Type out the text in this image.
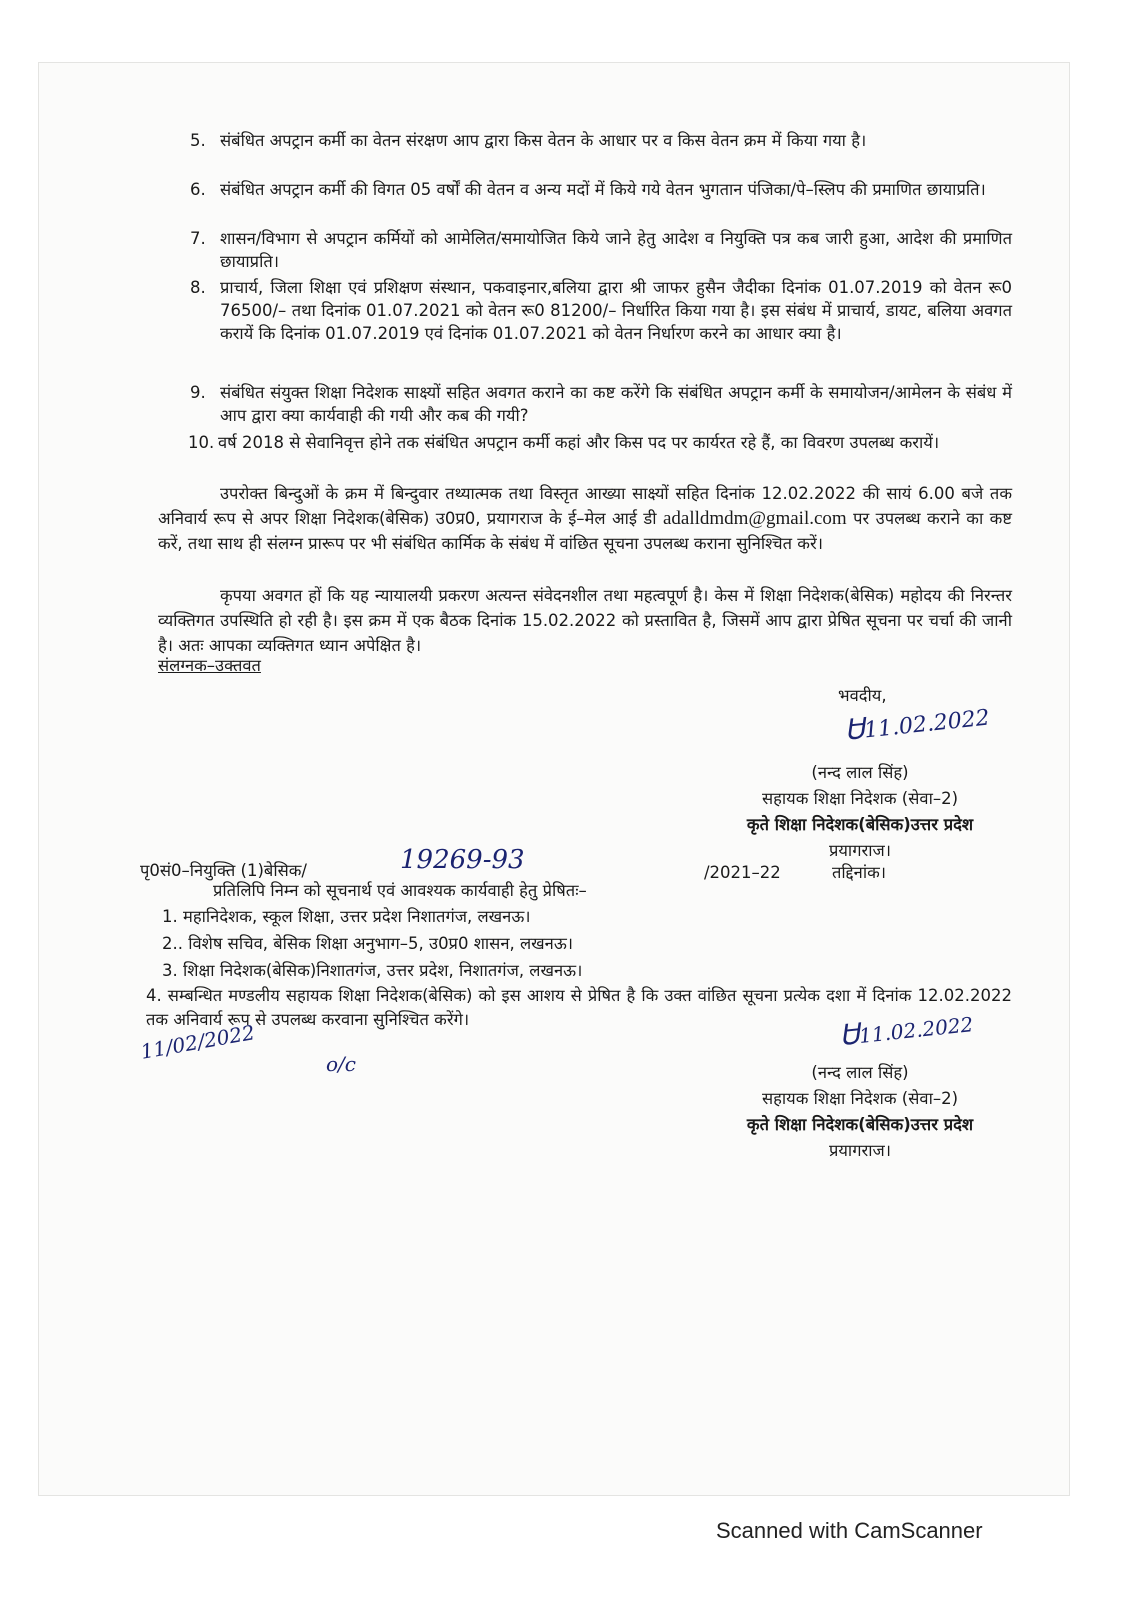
5. संबंधित अपट्रान कर्मी का वेतन संरक्षण आप द्वारा किस वेतन के आधार पर व किस वेतन क्रम में किया गया है।
6. संबंधित अपट्रान कर्मी की विगत 05 वर्षों की वेतन व अन्य मदों में किये गये वेतन भुगतान पंजिका/पे–स्लिप की प्रमाणित छायाप्रति।
7. शासन/विभाग से अपट्रान कर्मियों को आमेलित/समायोजित किये जाने हेतु आदेश व नियुक्ति पत्र कब जारी हुआ, आदेश की प्रमाणित छायाप्रति।
8. प्राचार्य, जिला शिक्षा एवं प्रशिक्षण संस्थान, पकवाइनार,बलिया द्वारा श्री जाफर हुसैन जैदीका दिनांक 01.07.2019 को वेतन रू0 76500/– तथा दिनांक 01.07.2021 को वेतन रू0 81200/– निर्धारित किया गया है। इस संबंध में प्राचार्य, डायट, बलिया अवगत करायें कि दिनांक 01.07.2019 एवं दिनांक 01.07.2021 को वेतन निर्धारण करने का आधार क्या है।
9. संबंधित संयुक्त शिक्षा निदेशक साक्ष्यों सहित अवगत कराने का कष्ट करेंगे कि संबंधित अपट्रान कर्मी के समायोजन/आमेलन के संबंध में आप द्वारा क्या कार्यवाही की गयी और कब की गयी?
10. वर्ष 2018 से सेवानिवृत्त होने तक संबंधित अपट्रान कर्मी कहां और किस पद पर कार्यरत रहे हैं, का विवरण उपलब्ध करायें।
उपरोक्त बिन्दुओं के क्रम में बिन्दुवार तथ्यात्मक तथा विस्तृत आख्या साक्ष्यों सहित दिनांक 12.02.2022 की सायं 6.00 बजे तक अनिवार्य रूप से अपर शिक्षा निदेशक(बेसिक) उ0प्र0, प्रयागराज के ई–मेल आई डी adalldmdm@gmail.com पर उपलब्ध कराने का कष्ट करें, तथा साथ ही संलग्न प्रारूप पर भी संबंधित कार्मिक के संबंध में वांछित सूचना उपलब्ध कराना सुनिश्चित करें।
कृपया अवगत हों कि यह न्यायालयी प्रकरण अत्यन्त संवेदनशील तथा महत्वपूर्ण है। केस में शिक्षा निदेशक(बेसिक) महोदय की निरन्तर व्यक्तिगत उपस्थिति हो रही है। इस क्रम में एक बैठक दिनांक 15.02.2022 को प्रस्तावित है, जिसमें आप द्वारा प्रेषित सूचना पर चर्चा की जानी है। अतः आपका व्यक्तिगत ध्यान अपेक्षित है।
संलग्नक–उक्तवत
भवदीय,
Ꮜ11.02.2022
(नन्द लाल सिंह)
सहायक शिक्षा निदेशक (सेवा–2)
कृते शिक्षा निदेशक(बेसिक)उत्तर प्रदेश
प्रयागराज।
पृ0सं0–नियुक्ति (1)बेसिक/	19269-93	/2021–22	तद्दिनांक।
प्रतिलिपि निम्न को सूचनार्थ एवं आवश्यक कार्यवाही हेतु प्रेषितः–
1. महानिदेशक, स्कूल शिक्षा, उत्तर प्रदेश निशातगंज, लखनऊ।
2.. विशेष सचिव, बेसिक शिक्षा अनुभाग–5, उ0प्र0 शासन, लखनऊ।
3. शिक्षा निदेशक(बेसिक)निशातगंज, उत्तर प्रदेश, निशातगंज, लखनऊ।
4. सम्बन्धित मण्डलीय सहायक शिक्षा निदेशक(बेसिक) को इस आशय से प्रेषित है कि उक्त वांछित सूचना प्रत्येक दशा में दिनांक 12.02.2022 तक अनिवार्य रूप से उपलब्ध करवाना सुनिश्चित करेंगे।
11/02/2022
o/c
Ꮜ11.02.2022
(नन्द लाल सिंह)
सहायक शिक्षा निदेशक (सेवा–2)
कृते शिक्षा निदेशक(बेसिक)उत्तर प्रदेश
प्रयागराज।
Scanned with CamScanner
